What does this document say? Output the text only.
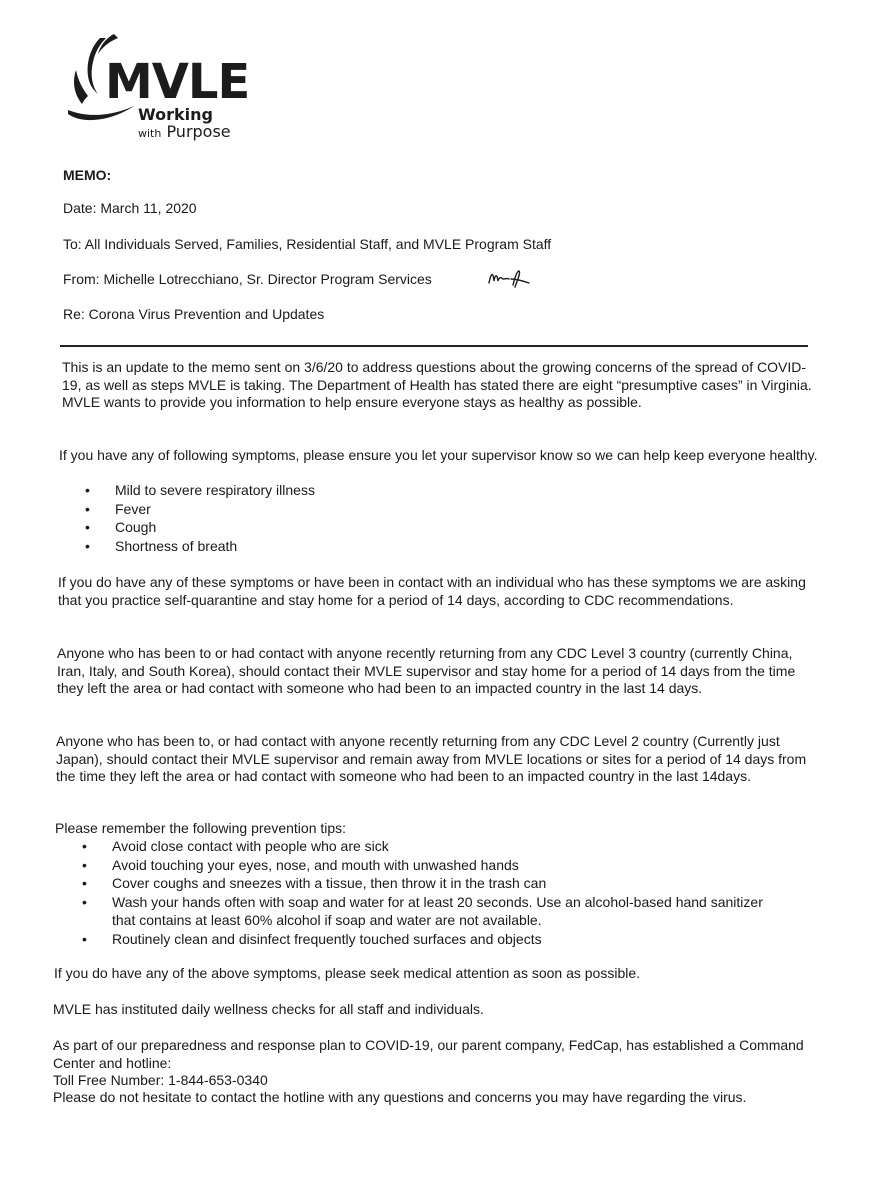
MVLE
Working
with Purpose
MEMO:
Date: March 11, 2020
To: All Individuals Served, Families, Residential Staff, and MVLE Program Staff
From: Michelle Lotrecchiano, Sr. Director Program Services
Re: Corona Virus Prevention and Updates
This is an update to the memo sent on 3/6/20 to address questions about the growing concerns of the spread of COVID-19, as well as steps MVLE is taking. The Department of Health has stated there are eight “presumptive cases” in Virginia. MVLE wants to provide you information to help ensure everyone stays as healthy as possible.
If you have any of following symptoms, please ensure you let your supervisor know so we can help keep everyone healthy.
• Mild to severe respiratory illness
• Fever
• Cough
• Shortness of breath
If you do have any of these symptoms or have been in contact with an individual who has these symptoms we are asking that you practice self-quarantine and stay home for a period of 14 days, according to CDC recommendations.
Anyone who has been to or had contact with anyone recently returning from any CDC Level 3 country (currently China, Iran, Italy, and South Korea), should contact their MVLE supervisor and stay home for a period of 14 days from the time they left the area or had contact with someone who had been to an impacted country in the last 14 days.
Anyone who has been to, or had contact with anyone recently returning from any CDC Level 2 country (Currently just Japan), should contact their MVLE supervisor and remain away from MVLE locations or sites for a period of 14 days from the time they left the area or had contact with someone who had been to an impacted country in the last 14days.
Please remember the following prevention tips:
• Avoid close contact with people who are sick
• Avoid touching your eyes, nose, and mouth with unwashed hands
• Cover coughs and sneezes with a tissue, then throw it in the trash can
• Wash your hands often with soap and water for at least 20 seconds. Use an alcohol-based hand sanitizer that contains at least 60% alcohol if soap and water are not available.
• Routinely clean and disinfect frequently touched surfaces and objects
If you do have any of the above symptoms, please seek medical attention as soon as possible.
MVLE has instituted daily wellness checks for all staff and individuals.
As part of our preparedness and response plan to COVID-19, our parent company, FedCap, has established a Command Center and hotline:
Toll Free Number: 1-844-653-0340
Please do not hesitate to contact the hotline with any questions and concerns you may have regarding the virus.
